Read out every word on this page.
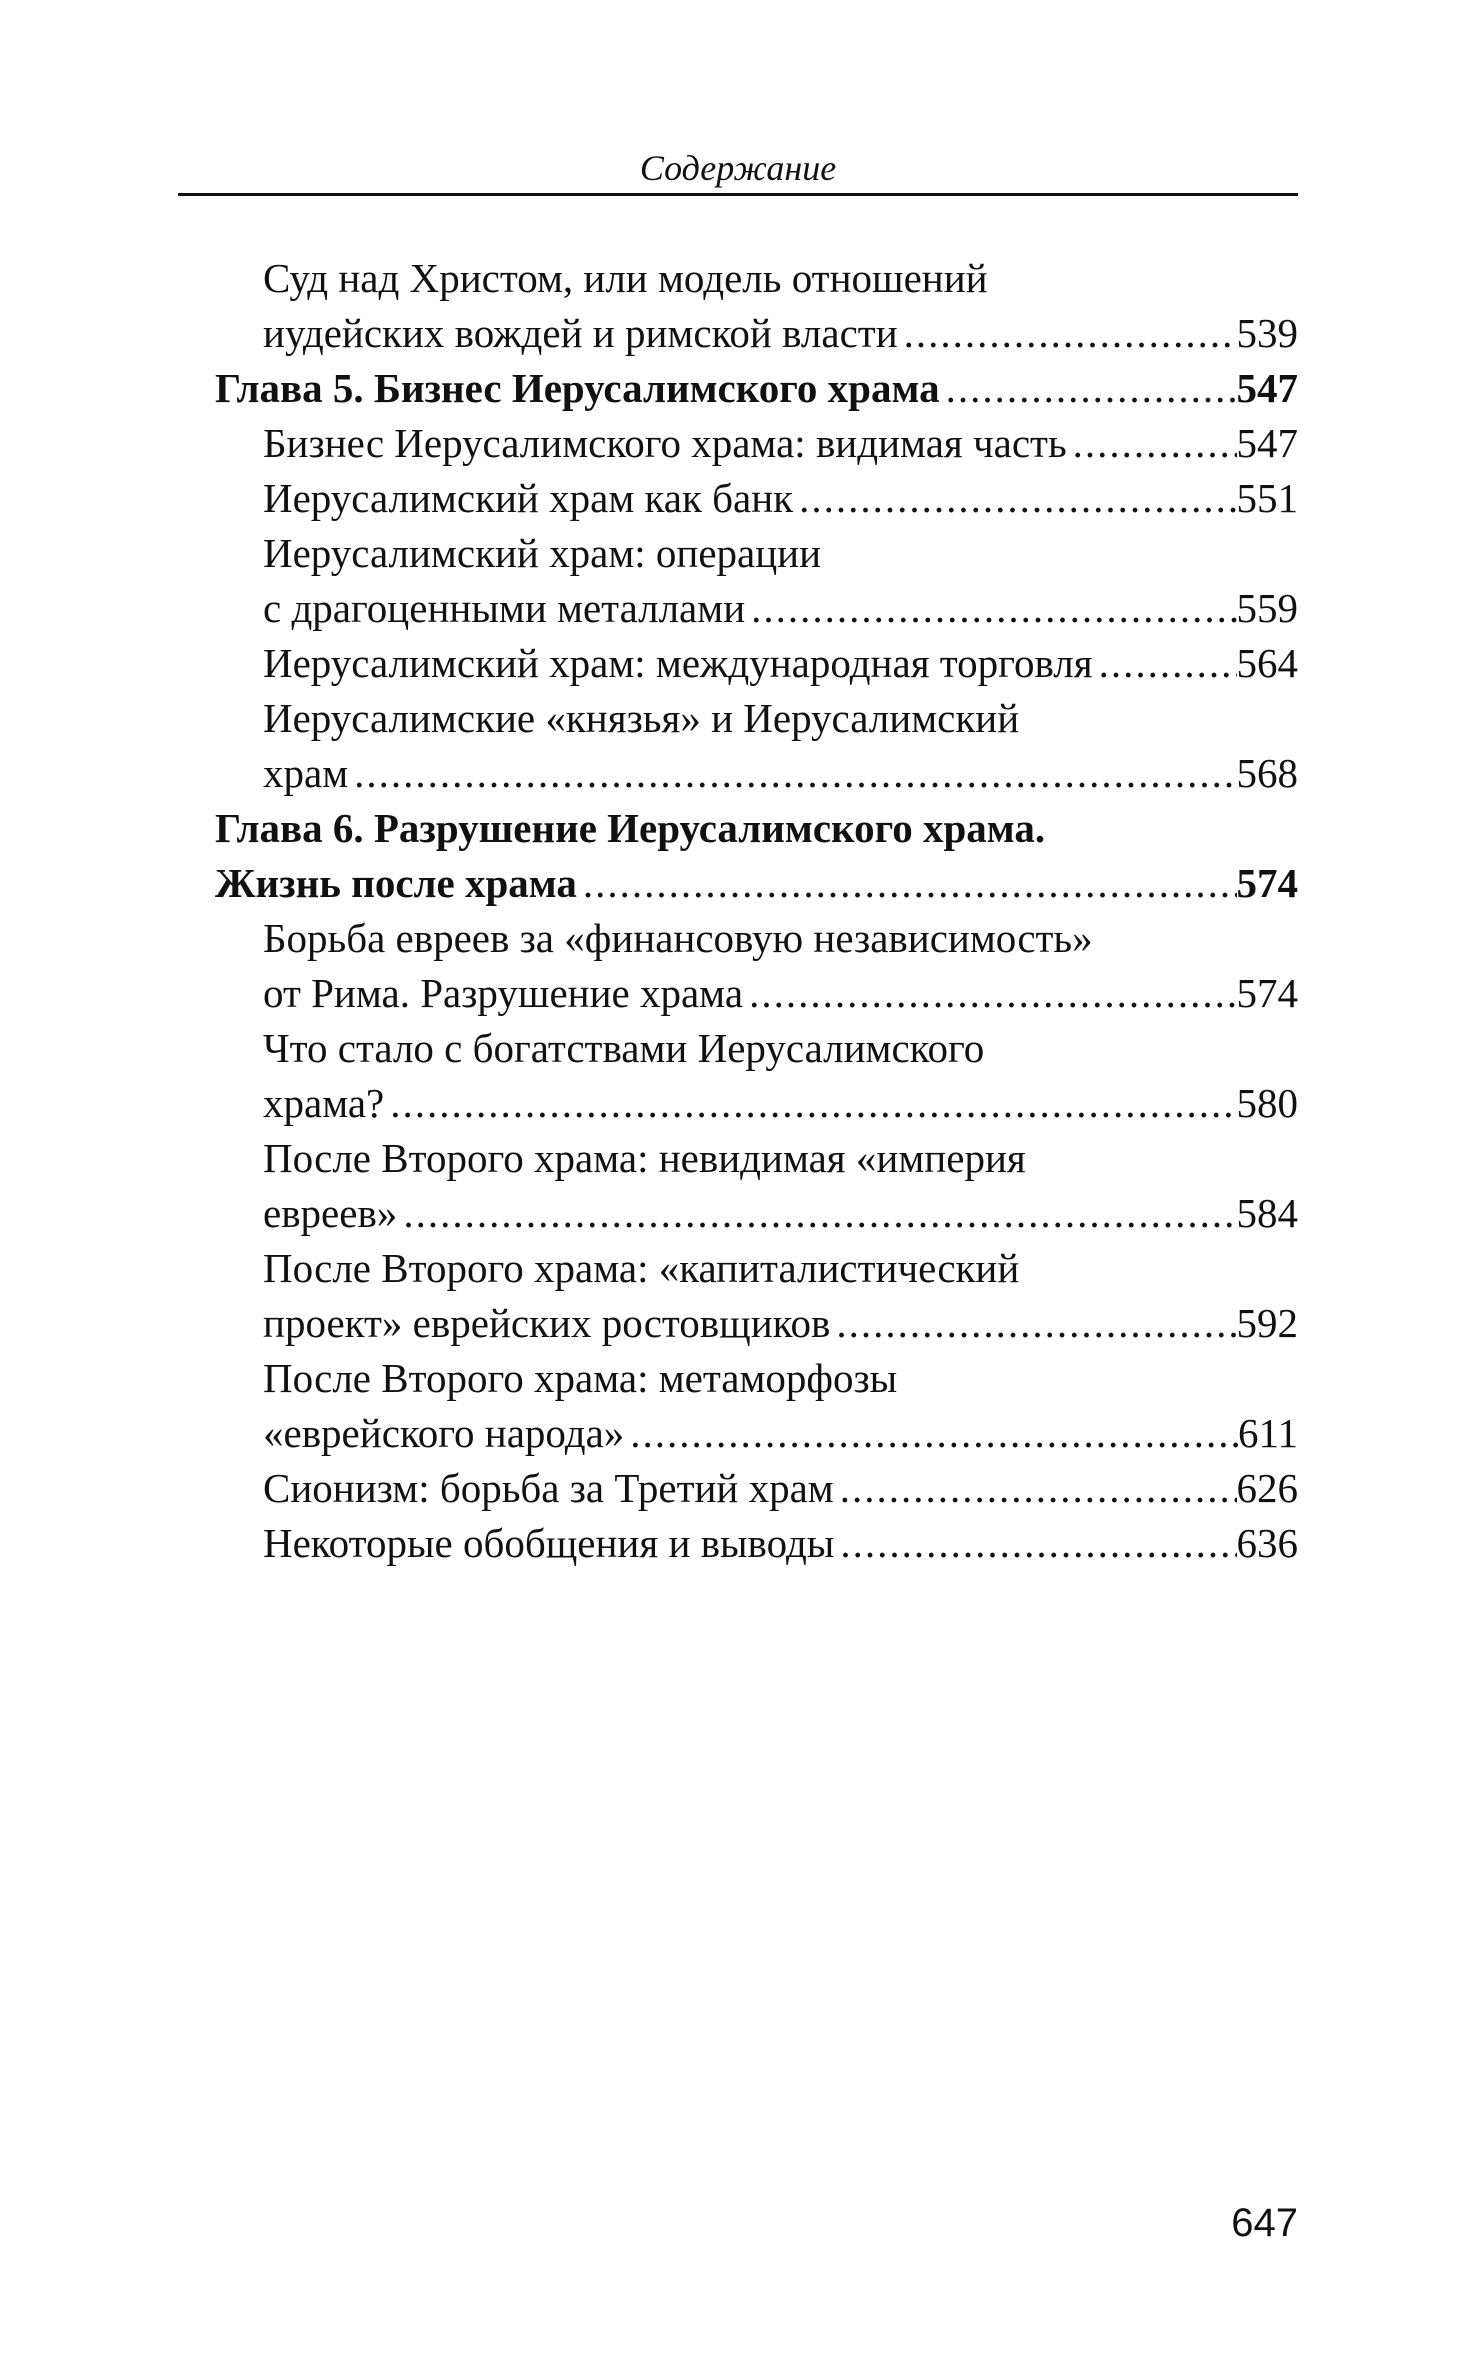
Содержание
Суд над Христом, или модель отношений
иудейских вождей и римской власти .....	539
Глава 5. Бизнес Иерусалимского храма .....	547
Бизнес Иерусалимского храма: видимая часть .....	547
Иерусалимский храм как банк .....	551
Иерусалимский храм: операции
с драгоценными металлами .....	559
Иерусалимский храм: международная торговля .....	564
Иерусалимские «князья» и Иерусалимский
храм .....	568
Глава 6. Разрушение Иерусалимского храма.
Жизнь после храма .....	574
Борьба евреев за «финансовую независимость»
от Рима. Разрушение храма .....	574
Что стало с богатствами Иерусалимского
храма? .....	580
После Второго храма: невидимая «империя
евреев» .....	584
После Второго храма: «капиталистический
проект» еврейских ростовщиков .....	592
После Второго храма: метаморфозы
«еврейского народа» .....	611
Сионизм: борьба за Третий храм .....	626
Некоторые обобщения и выводы .....	636
647
